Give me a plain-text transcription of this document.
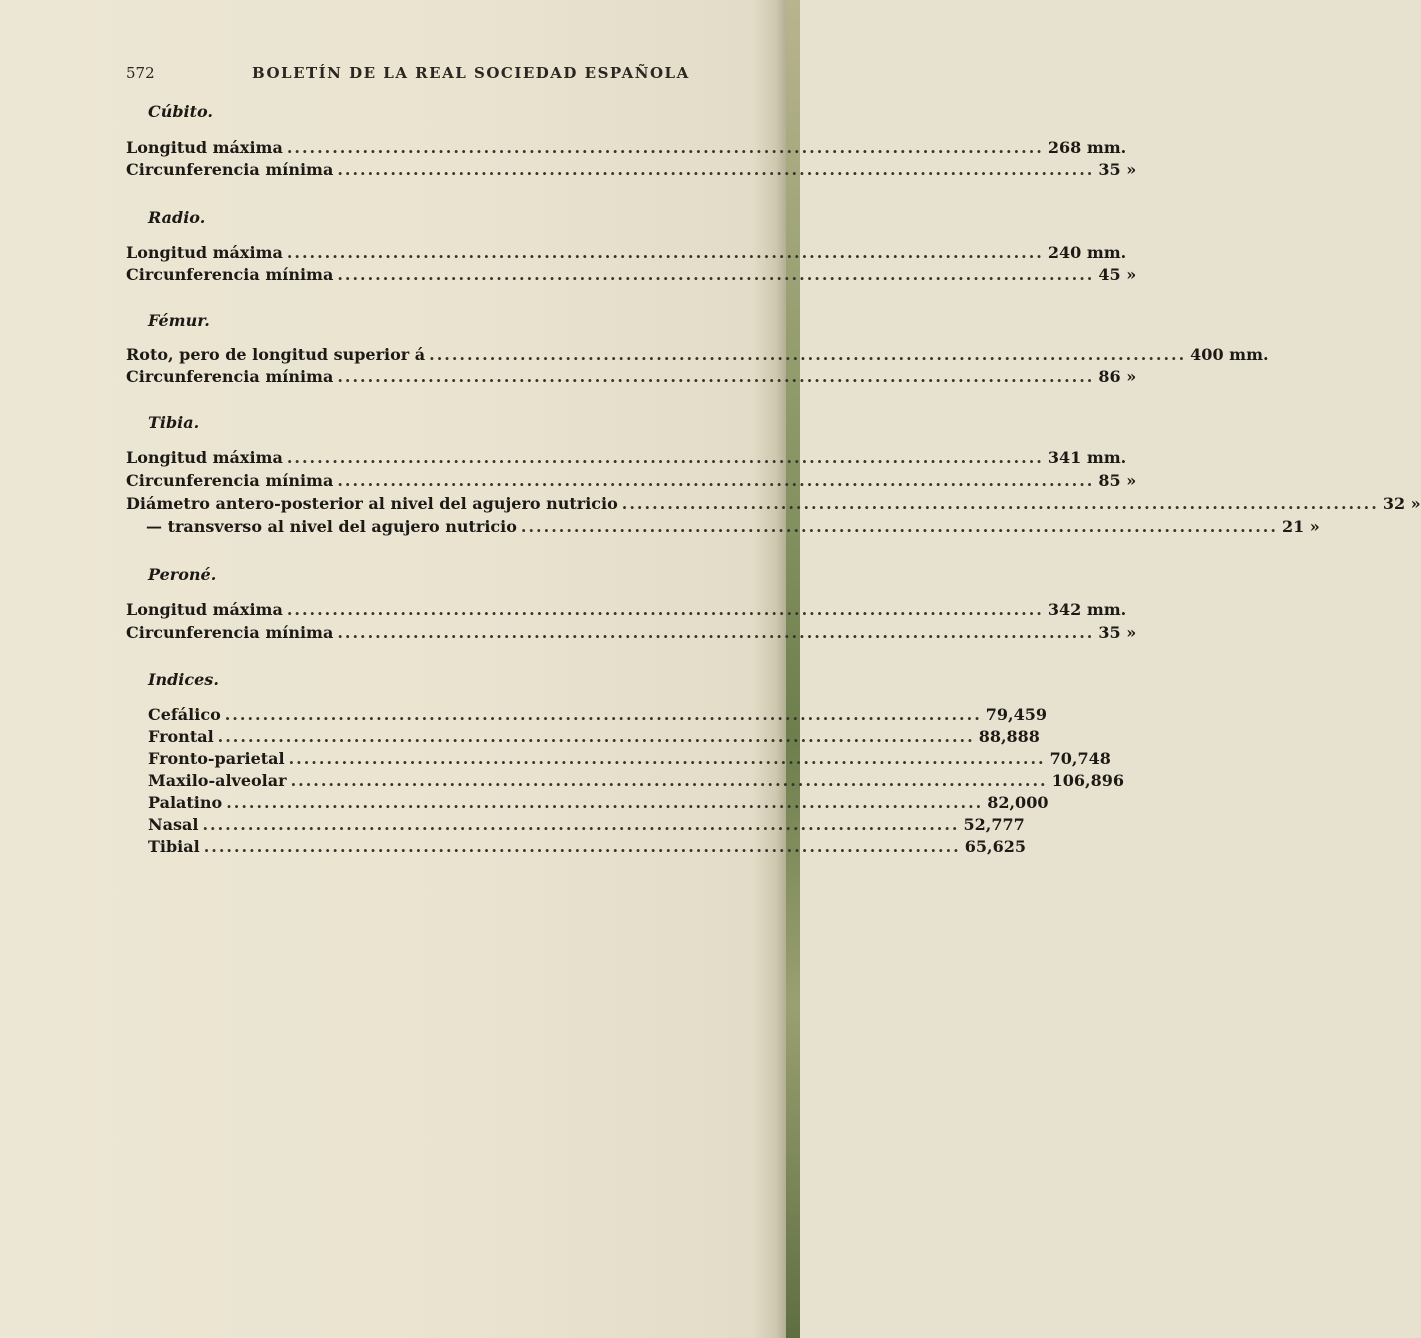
572	BOLETÍN DE LA REAL SOCIEDAD ESPAÑOLA
Cúbito.
Longitud máxima .................................................................................................... 268 mm.
Circunferencia mínima .................................................................................................... 35 »
Radio.
Longitud máxima .................................................................................................... 240 mm.
Circunferencia mínima .................................................................................................... 45 »
Fémur.
Roto, pero de longitud superior á .................................................................................................... 400 mm.
Circunferencia mínima .................................................................................................... 86 »
Tibia.
Longitud máxima .................................................................................................... 341 mm.
Circunferencia mínima .................................................................................................... 85 »
Diámetro antero-posterior al nivel del agujero nutricio .................................................................................................... 32 »
— transverso al nivel del agujero nutricio .................................................................................................... 21 »
Peroné.
Longitud máxima .................................................................................................... 342 mm.
Circunferencia mínima .................................................................................................... 35 »
Indices.
Cefálico .................................................................................................... 79,459
Frontal .................................................................................................... 88,888
Fronto-parietal .................................................................................................... 70,748
Maxilo-alveolar .................................................................................................... 106,896
Palatino .................................................................................................... 82,000
Nasal .................................................................................................... 52,777
Tibial .................................................................................................... 65,625
